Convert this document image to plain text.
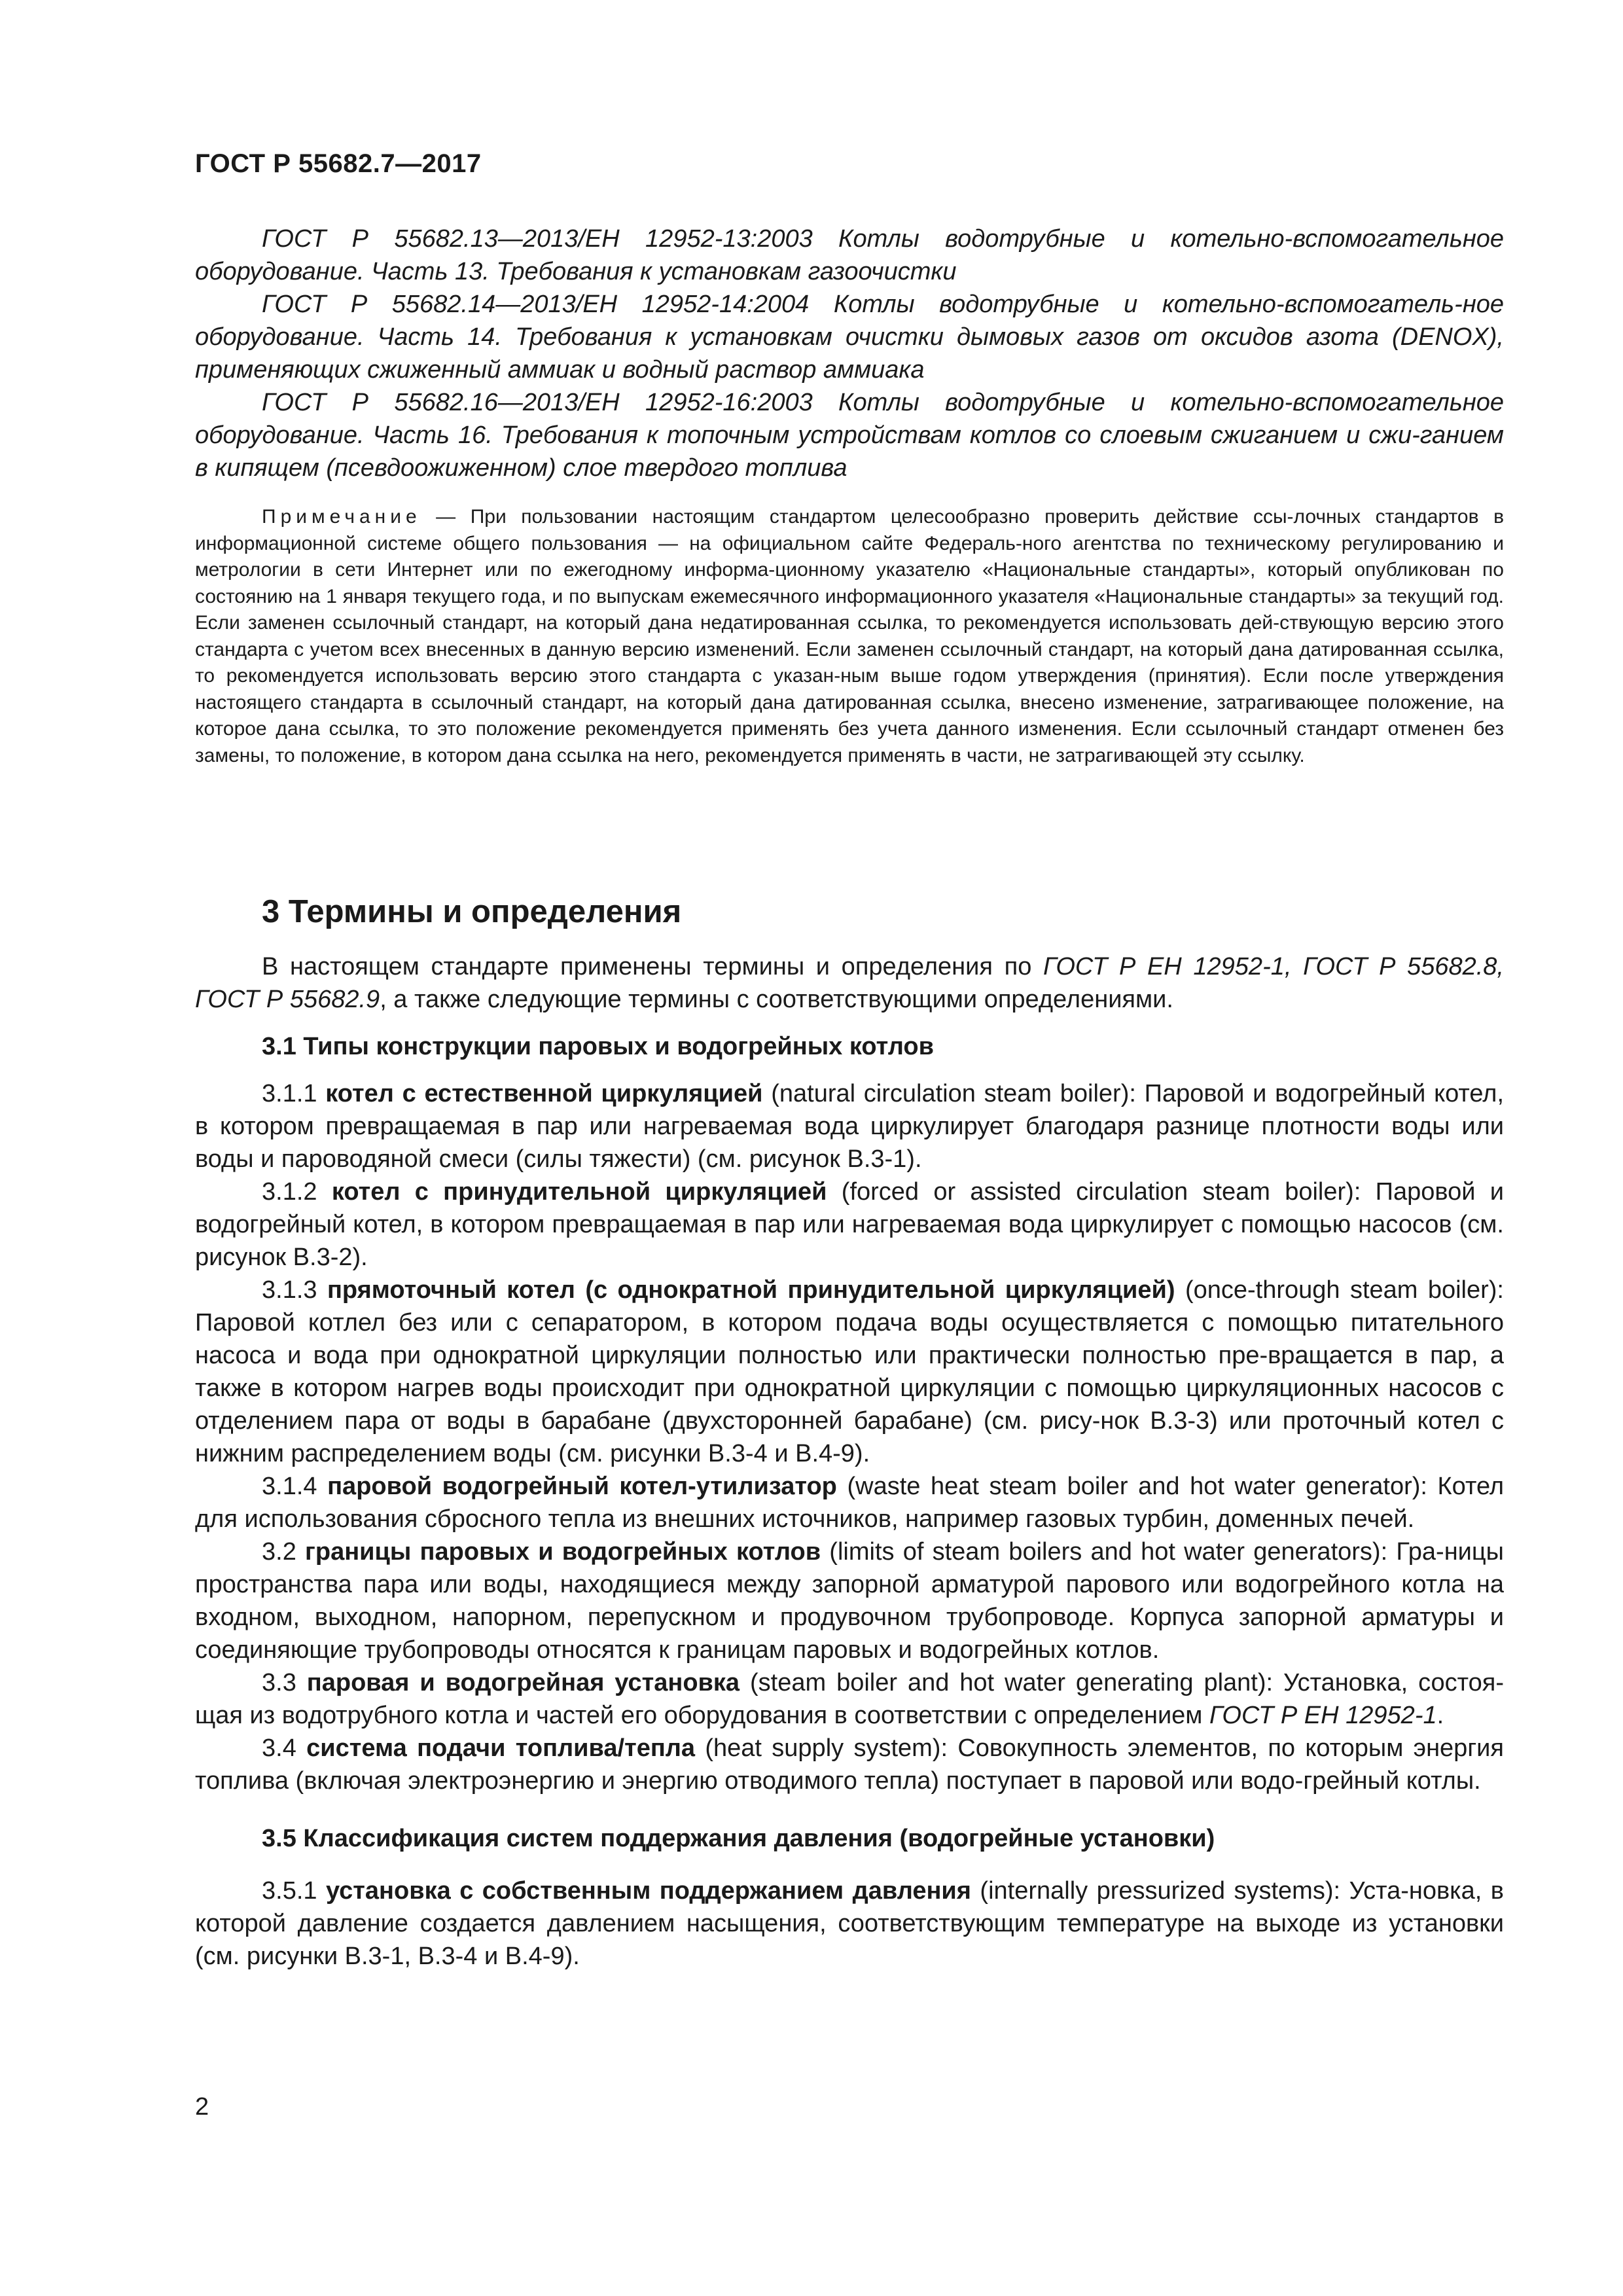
ГОСТ Р 55682.7—2017

ГОСТ Р 55682.13—2013/ЕН 12952-13:2003 Котлы водотрубные и котельно-вспомогательное оборудование. Часть 13. Требования к установкам газоочистки

ГОСТ Р 55682.14—2013/ЕН 12952-14:2004 Котлы водотрубные и котельно-вспомогатель-ное оборудование. Часть 14. Требования к установкам очистки дымовых газов от оксидов азота (DENOX), применяющих сжиженный аммиак и водный раствор аммиака

ГОСТ Р 55682.16—2013/ЕН 12952-16:2003 Котлы водотрубные и котельно-вспомогательное оборудование. Часть 16. Требования к топочным устройствам котлов со слоевым сжиганием и сжи-ганием в кипящем (псевдоожиженном) слое твердого топлива

Примечание — При пользовании настоящим стандартом целесообразно проверить действие ссы-лочных стандартов в информационной системе общего пользования — на официальном сайте Федераль-ного агентства по техническому регулированию и метрологии в сети Интернет или по ежегодному информа-ционному указателю «Национальные стандарты», который опубликован по состоянию на 1 января текущего года, и по выпускам ежемесячного информационного указателя «Национальные стандарты» за текущий год. Если заменен ссылочный стандарт, на который дана недатированная ссылка, то рекомендуется использовать дей-ствующую версию этого стандарта с учетом всех внесенных в данную версию изменений. Если заменен ссылочный стандарт, на который дана датированная ссылка, то рекомендуется использовать версию этого стандарта с указан-ным выше годом утверждения (принятия). Если после утверждения настоящего стандарта в ссылочный стандарт, на который дана датированная ссылка, внесено изменение, затрагивающее положение, на которое дана ссылка, то это положение рекомендуется применять без учета данного изменения. Если ссылочный стандарт отменен без замены, то положение, в котором дана ссылка на него, рекомендуется применять в части, не затрагивающей эту ссылку.

3 Термины и определения

В настоящем стандарте применены термины и определения по ГОСТ Р ЕН 12952-1, ГОСТ Р 55682.8, ГОСТ Р 55682.9, а также следующие термины с соответствующими определениями.

3.1 Типы конструкции паровых и водогрейных котлов

3.1.1 котел с естественной циркуляцией (natural circulation steam boiler): Паровой и водогрейный котел, в котором превращаемая в пар или нагреваемая вода циркулирует благодаря разнице плотности воды или воды и пароводяной смеси (силы тяжести) (см. рисунок В.3-1).

3.1.2 котел с принудительной циркуляцией (forced or assisted circulation steam boiler): Паровой и водогрейный котел, в котором превращаемая в пар или нагреваемая вода циркулирует с помощью насосов (см. рисунок В.3-2).

3.1.3 прямоточный котел (с однократной принудительной циркуляцией) (once-through steam boiler): Паровой котлел без или с сепаратором, в котором подача воды осуществляется с помощью питательного насоса и вода при однократной циркуляции полностью или практически полностью пре-вращается в пар, а также в котором нагрев воды происходит при однократной циркуляции с помощью циркуляционных насосов с отделением пара от воды в барабане (двухсторонней барабане) (см. рису-нок В.3-3) или проточный котел с нижним распределением воды (см. рисунки В.3-4 и В.4-9).

3.1.4 паровой водогрейный котел-утилизатор (waste heat steam boiler and hot water generator): Котел для использования сбросного тепла из внешних источников, например газовых турбин, доменных печей.

3.2 границы паровых и водогрейных котлов (limits of steam boilers and hot water generators): Гра-ницы пространства пара или воды, находящиеся между запорной арматурой парового или водогрейного котла на входном, выходном, напорном, перепускном и продувочном трубопроводе. Корпуса запорной арматуры и соединяющие трубопроводы относятся к границам паровых и водогрейных котлов.

3.3 паровая и водогрейная установка (steam boiler and hot water generating plant): Установка, состоя-щая из водотрубного котла и частей его оборудования в соответствии с определением ГОСТ Р ЕН 12952-1.

3.4 система подачи топлива/тепла (heat supply system): Совокупность элементов, по которым энергия топлива (включая электроэнергию и энергию отводимого тепла) поступает в паровой или водо-грейный котлы.

3.5 Классификация систем поддержания давления (водогрейные установки)

3.5.1 установка с собственным поддержанием давления (internally pressurized systems): Уста-новка, в которой давление создается давлением насыщения, соответствующим температуре на выходе из установки (см. рисунки В.3-1, В.3-4 и В.4-9).

2
